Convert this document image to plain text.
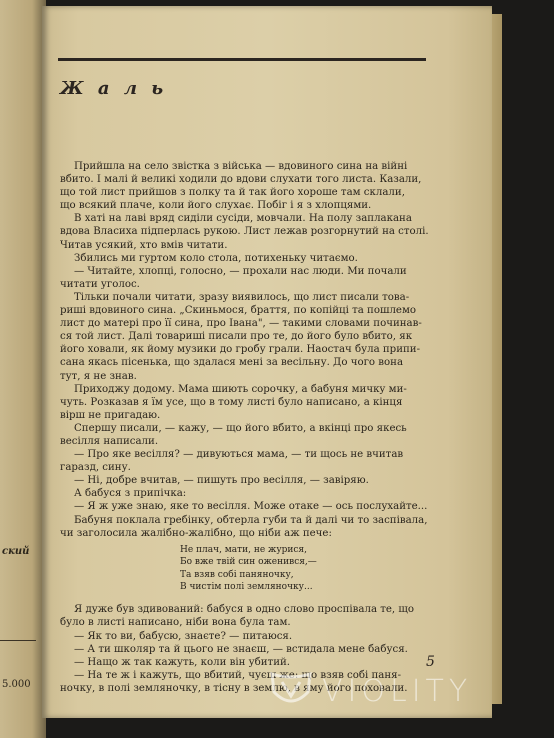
ский
5.000
Ж а л ь
Прийшла на село звістка з війська — вдовиного сина на війні
вбито. І малі й великі ходили до вдови слухати того листа. Казали,
що той лист прийшов з полку та й так його хороше там склали,
що всякий плаче, коли його слухає. Побіг і я з хлопцями.
В хаті на лаві вряд сиділи сусіди, мовчали. На полу заплакана
вдова Власиха підперлась рукою. Лист лежав розгорнутий на столі.
Читав усякий, хто вмів читати.
Збились ми гуртом коло стола, потихеньку читаємо.
— Читайте, хлопці, голосно, — прохали нас люди. Ми почали
читати уголос.
Тільки почали читати, зразу виявилось, що лист писали това-
риші вдовиного сина. „Скиньмося, браття, по копійці та пошлемо
лист до матері про її сина, про Івана", — такими словами починав-
ся той лист. Далі товариші писали про те, до його було вбито, як
його ховали, як йому музики до гробу грали. Наостач була припи-
сана якась пісенька, що здалася мені за весільну. До чого вона
тут, я не знав.
Приходжу додому. Мама шиють сорочку, а бабуня мичку ми-
чуть. Розказав я їм усе, що в тому листі було написано, а кінця
вірш не пригадаю.
Спершу писали, — кажу, — що його вбито, а вкінці про якесь
весілля написали.
— Про яке весілля? — дивуються мама, — ти щось не вчитав
гаразд, сину.
— Ні, добре вчитав, — пишуть про весілля, — завіряю.
А бабуся з припічка:
— Я ж уже знаю, яке то весілля. Може отаке — ось послухайте...
Бабуня поклала гребінку, обтерла губи та й далі чи то заспівала,
чи заголосила жалібно-жалібно, що ніби аж пече:
Не плач, мати, не журися,
Бо вже твій син оженився,—
Та взяв собі паняночку,
В чистім полі земляночку...
Я дуже був здивований: бабуся в одно слово проспівала те, що
було в листі написано, ніби вона була там.
— Як то ви, бабусю, знаєте? — питаюся.
— А ти школяр та й цього не знаєш, — встидала мене бабуся.
— Нащо ж так кажуть, коли він убитий.
— На те ж і кажуть, що вбитий, чуєш же: що взяв собі паня-
ночку, в полі земляночку, в тісну в землю, в яму його поховали.
5
VIOLITY
